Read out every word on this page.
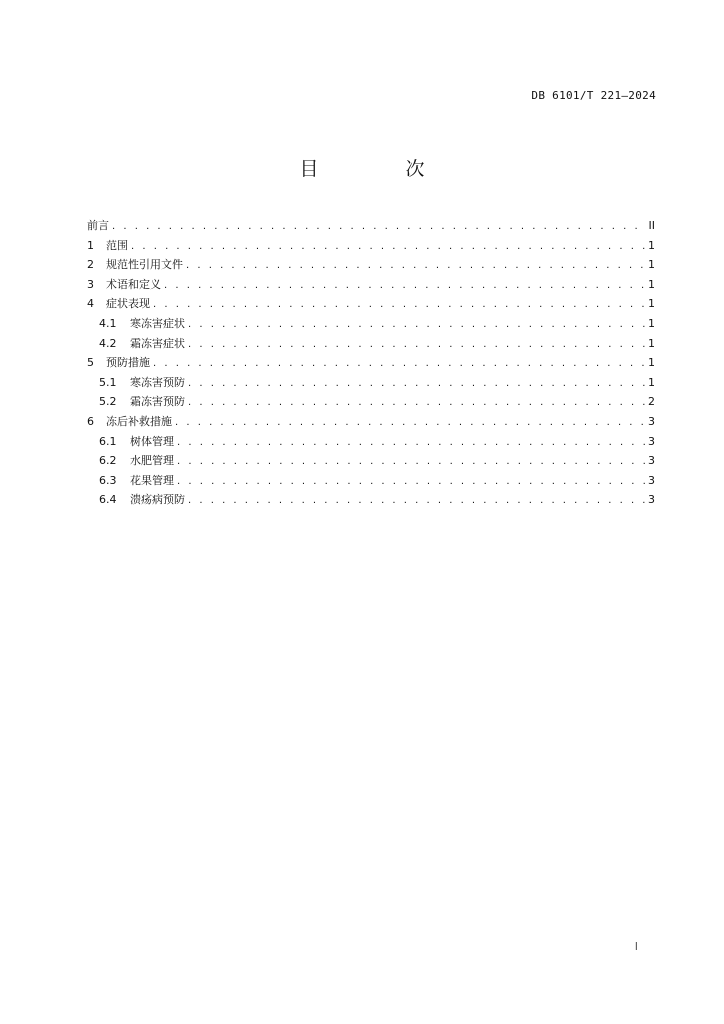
DB 6101/T 221—2024
目　次
前言 . . .	II
1	范围 . . .	1
2	规范性引用文件 . . .	1
3	术语和定义 . . .	1
4	症状表现 . . .	1
4.1	寒冻害症状 . . .	1
4.2	霜冻害症状 . . .	1
5	预防措施 . . .	1
5.1	寒冻害预防 . . .	1
5.2	霜冻害预防 . . .	2
6	冻后补救措施 . . .	3
6.1	树体管理 . . .	3
6.2	水肥管理 . . .	3
6.3	花果管理 . . .	3
6.4	溃疡病预防 . . .	3
I
